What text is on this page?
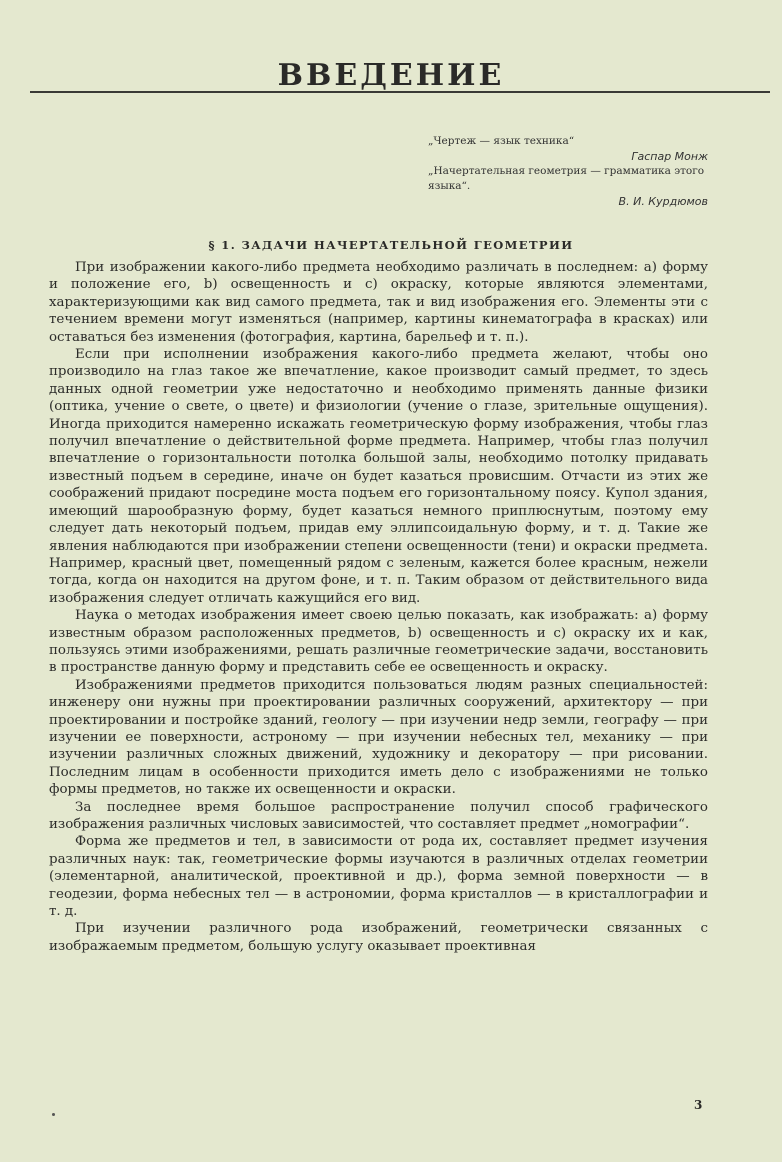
ВВЕДЕНИЕ

„Чертеж — язык техника“

Гаспар Монж

„Начертательная геометрия — грамматика этого языка“.

В. И. Курдюмов

§ 1. ЗАДАЧИ НАЧЕРТАТЕЛЬНОЙ ГЕОМЕТРИИ

При изображении какого-либо предмета необходимо различать в последнем: a) форму и положение его, b) освещенность и c) окраску, которые являются элементами, характеризующими как вид самого предмета, так и вид изображения его. Элементы эти с течением времени могут изменяться (например, картины кинематографа в красках) или оставаться без изменения (фотография, картина, барельеф и т. п.).

Если при исполнении изображения какого-либо предмета желают, чтобы оно производило на глаз такое же впечатление, какое производит самый предмет, то здесь данных одной геометрии уже недостаточно и необходимо применять данные физики (оптика, учение о свете, о цвете) и физиологии (учение о глазе, зрительные ощущения). Иногда приходится намеренно искажать геометрическую форму изображения, чтобы глаз получил впечатление о действительной форме предмета. Например, чтобы глаз получил впечатление о горизонтальности потолка большой залы, необходимо потолку придавать известный подъем в середине, иначе он будет казаться провисшим. Отчасти из этих же соображений придают посредине моста подъем его горизонтальному поясу. Купол здания, имеющий шарообразную форму, будет казаться немного приплюснутым, поэтому ему следует дать некоторый подъем, придав ему эллипсоидальную форму, и т. д. Такие же явления наблюдаются при изображении степени освещенности (тени) и окраски предмета. Например, красный цвет, помещенный рядом с зеленым, кажется более красным, нежели тогда, когда он находится на другом фоне, и т. п. Таким образом от действительного вида изображения следует отличать кажущийся его вид.

Наука о методах изображения имеет своею целью показать, как изображать: a) форму известным образом расположенных предметов, b) освещенность и c) окраску их и как, пользуясь этими изображениями, решать различные геометрические задачи, восстановить в пространстве данную форму и представить себе ее освещенность и окраску.

Изображениями предметов приходится пользоваться людям разных специальностей: инженеру они нужны при проектировании различных сооружений, архитектору — при проектировании и постройке зданий, геологу — при изучении недр земли, географу — при изучении ее поверхности, астроному — при изучении небесных тел, механику — при изучении различных сложных движений, художнику и декоратору — при рисовании. Последним лицам в особенности приходится иметь дело с изображениями не только формы предметов, но также их освещенности и окраски.

За последнее время большое распространение получил способ графического изображения различных числовых зависимостей, что составляет предмет „номографии“.

Форма же предметов и тел, в зависимости от рода их, составляет предмет изучения различных наук: так, геометрические формы изучаются в различных отделах геометрии (элементарной, аналитической, проективной и др.), форма земной поверхности — в геодезии, форма небесных тел — в астрономии, форма кристаллов — в кристаллографии и т. д.

При изучении различного рода изображений, геометрически связанных с изображаемым предметом, большую услугу оказывает проективная

3
